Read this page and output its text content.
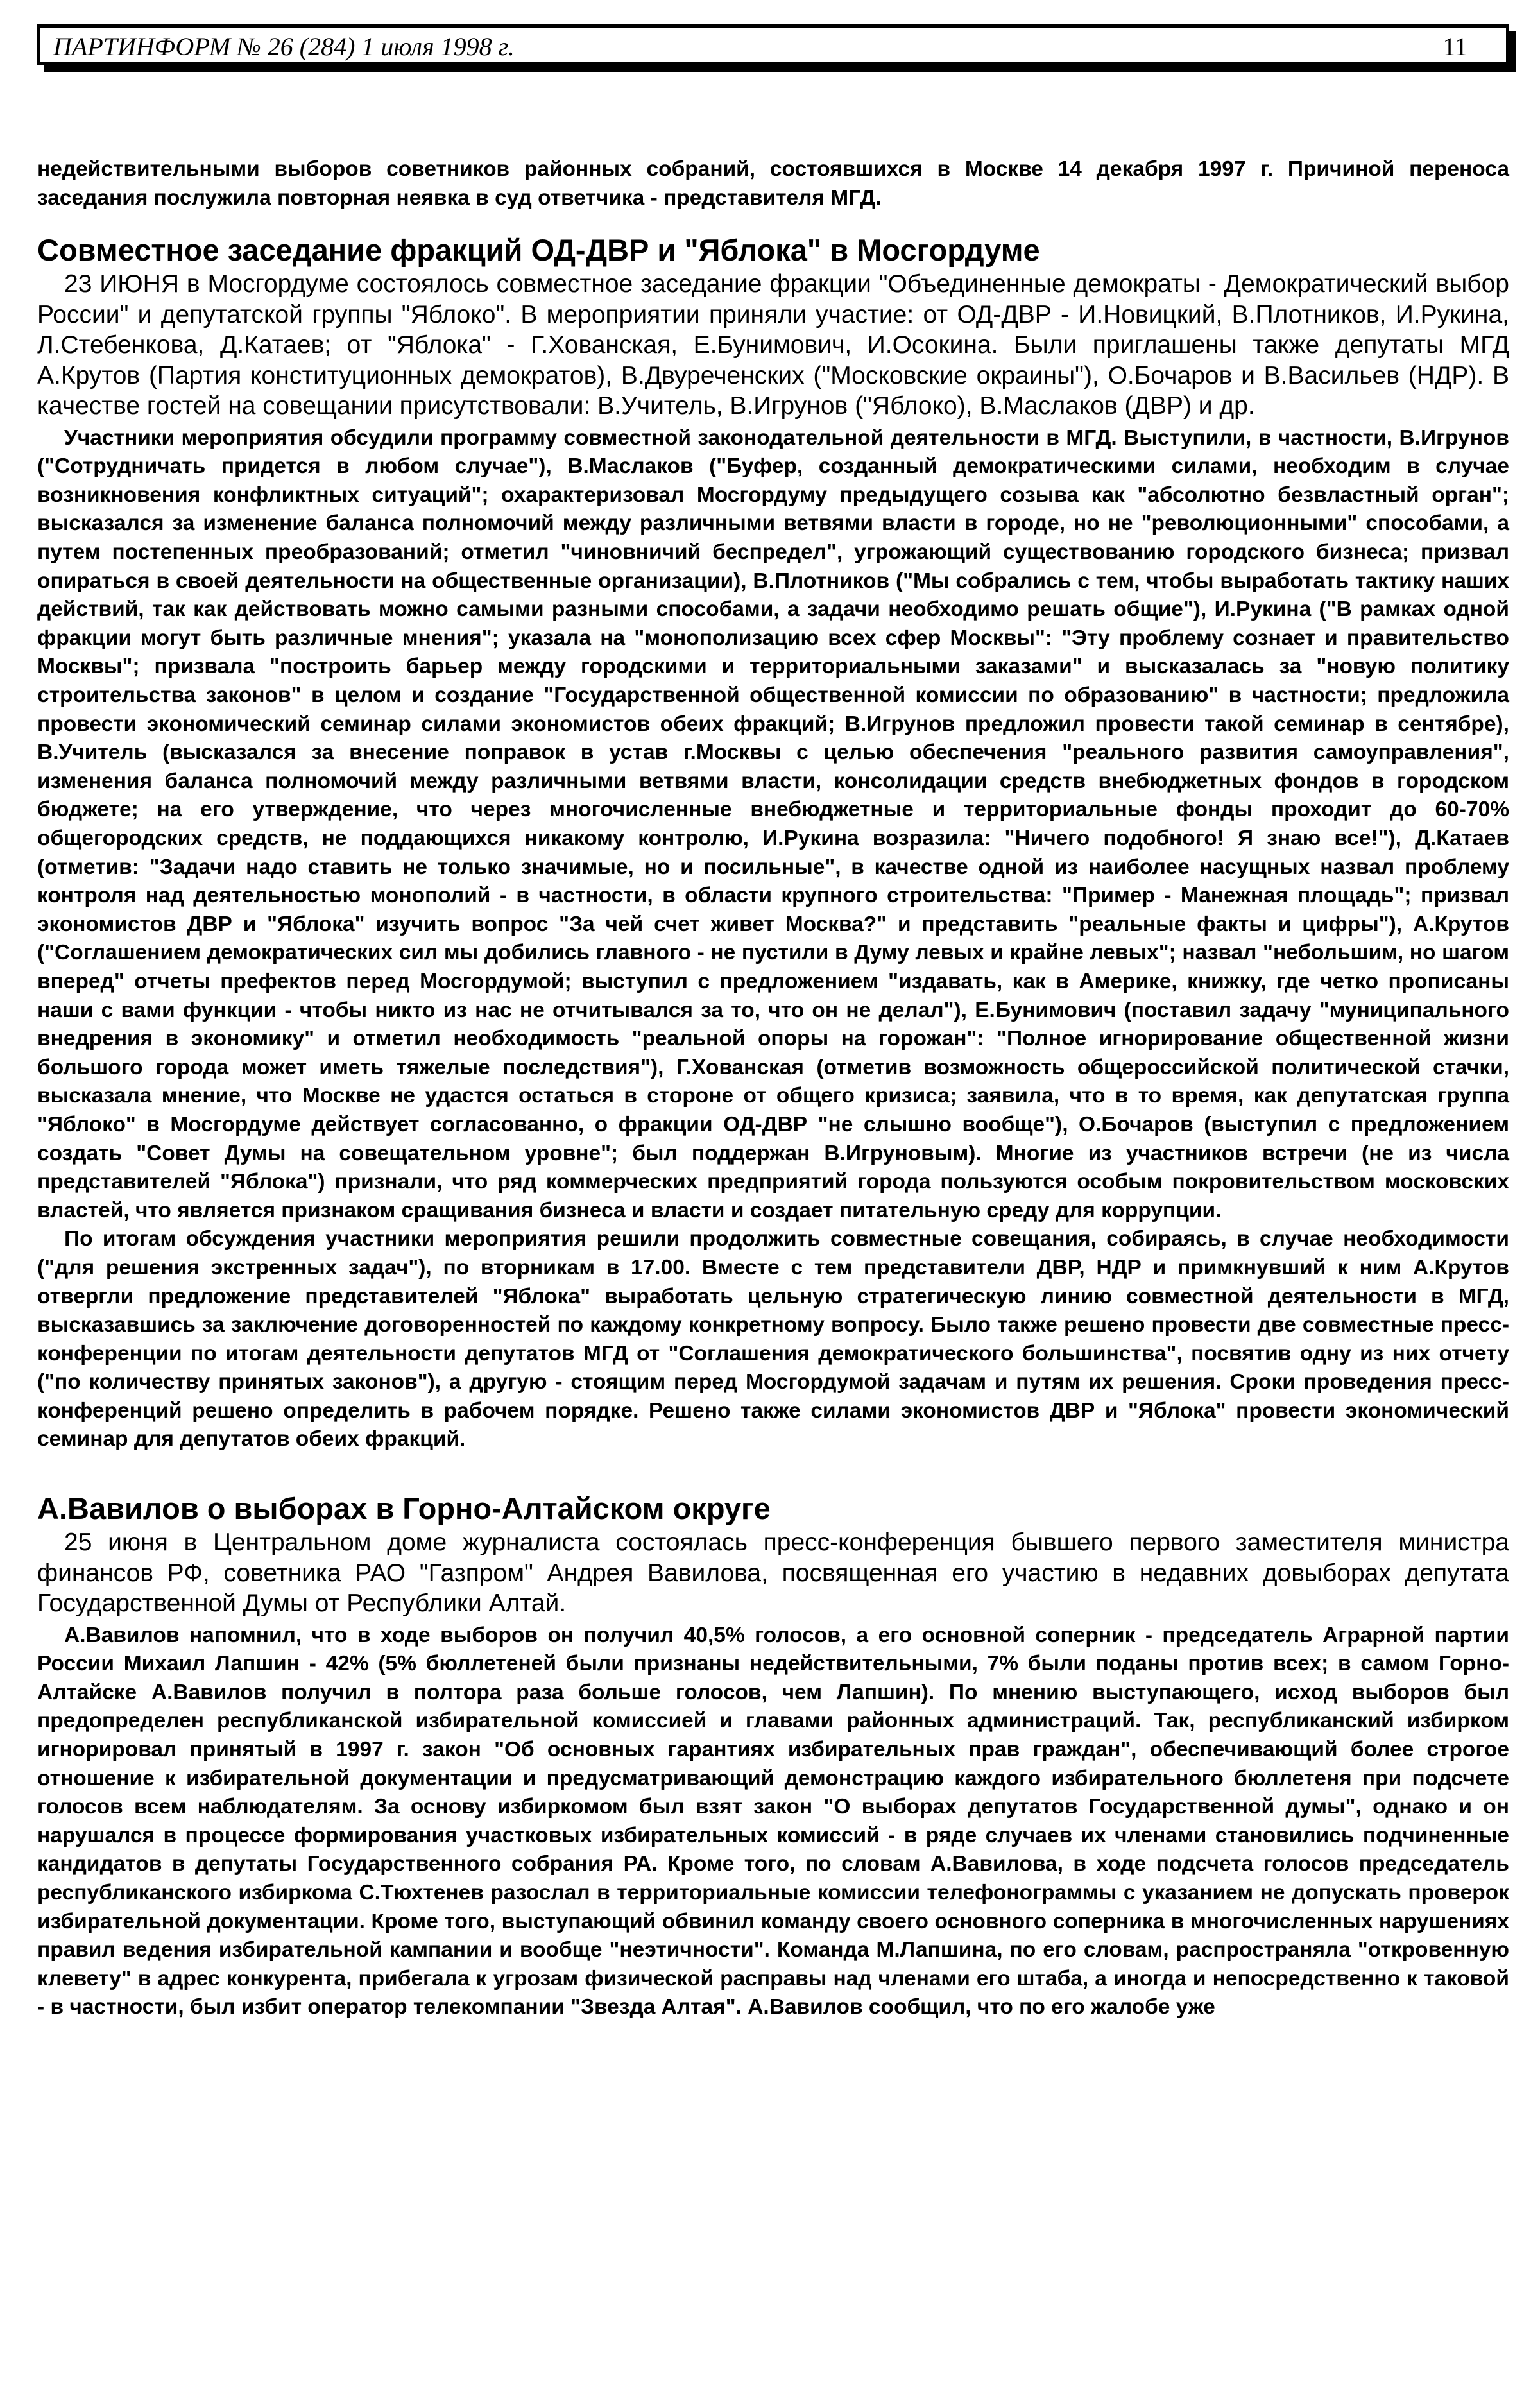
ПАРТИНФОРМ № 26 (284) 1 июля 1998 г.	11

недействительными выборов советников районных собраний, состоявшихся в Москве 14 декабря 1997 г. Причиной переноса заседания послужила повторная неявка в суд ответчика - представителя МГД.

Совместное заседание фракций ОД-ДВР и "Яблока" в Мосгордуме

23 ИЮНЯ в Мосгордуме состоялось совместное заседание фракции "Объединенные демократы - Демократический выбор России" и депутатской группы "Яблоко". В мероприятии приняли участие: от ОД-ДВР - И.Новицкий, В.Плотников, И.Рукина, Л.Стебенкова, Д.Катаев; от "Яблока" - Г.Хованская, Е.Бунимович, И.Осокина. Были приглашены также депутаты МГД А.Крутов (Партия конституционных демократов), В.Двуреченских ("Московские окраины"), О.Бочаров и В.Васильев (НДР). В качестве гостей на совещании присутствовали: В.Учитель, В.Игрунов ("Яблоко), В.Маслаков (ДВР) и др.

Участники мероприятия обсудили программу совместной законодательной деятельности в МГД. Выступили, в частности, В.Игрунов ("Сотрудничать придется в любом случае"), В.Маслаков ("Буфер, созданный демократическими силами, необходим в случае возникновения конфликтных ситуаций"; охарактеризовал Мосгордуму предыдущего созыва как "абсолютно безвластный орган"; высказался за изменение баланса полномочий между различными ветвями власти в городе, но не "революционными" способами, а путем постепенных преобразований; отметил "чиновничий беспредел", угрожающий существованию городского бизнеса; призвал опираться в своей деятельности на общественные организации), В.Плотников ("Мы собрались с тем, чтобы выработать тактику наших действий, так как действовать можно самыми разными способами, а задачи необходимо решать общие"), И.Рукина ("В рамках одной фракции могут быть различные мнения"; указала на "монополизацию всех сфер Москвы": "Эту проблему сознает и правительство Москвы"; призвала "построить барьер между городскими и территориальными заказами" и высказалась за "новую политику строительства законов" в целом и создание "Государственной общественной комиссии по образованию" в частности; предложила провести экономический семинар силами экономистов обеих фракций; В.Игрунов предложил провести такой семинар в сентябре), В.Учитель (высказался за внесение поправок в устав г.Москвы с целью обеспечения "реального развития самоуправления", изменения баланса полномочий между различными ветвями власти, консолидации средств внебюджетных фондов в городском бюджете; на его утверждение, что через многочисленные внебюджетные и территориальные фонды проходит до 60-70% общегородских средств, не поддающихся никакому контролю, И.Рукина возразила: "Ничего подобного! Я знаю все!"), Д.Катаев (отметив: "Задачи надо ставить не только значимые, но и посильные", в качестве одной из наиболее насущных назвал проблему контроля над деятельностью монополий - в частности, в области крупного строительства: "Пример - Манежная площадь"; призвал экономистов ДВР и "Яблока" изучить вопрос "За чей счет живет Москва?" и представить "реальные факты и цифры"), А.Крутов ("Соглашением демократических сил мы добились главного - не пустили в Думу левых и крайне левых"; назвал "небольшим, но шагом вперед" отчеты префектов перед Мосгордумой; выступил с предложением "издавать, как в Америке, книжку, где четко прописаны наши с вами функции - чтобы никто из нас не отчитывался за то, что он не делал"), Е.Бунимович (поставил задачу "муниципального внедрения в экономику" и отметил необходимость "реальной опоры на горожан": "Полное игнорирование общественной жизни большого города может иметь тяжелые последствия"), Г.Хованская (отметив возможность общероссийской политической стачки, высказала мнение, что Москве не удастся остаться в стороне от общего кризиса; заявила, что в то время, как депутатская группа "Яблоко" в Мосгордуме действует согласованно, о фракции ОД-ДВР "не слышно вообще"), О.Бочаров (выступил с предложением создать "Совет Думы на совещательном уровне"; был поддержан В.Игруновым). Многие из участников встречи (не из числа представителей "Яблока") признали, что ряд коммерческих предприятий города пользуются особым покровительством московских властей, что является признаком сращивания бизнеса и власти и создает питательную среду для коррупции.

По итогам обсуждения участники мероприятия решили продолжить совместные совещания, собираясь, в случае необходимости ("для решения экстренных задач"), по вторникам в 17.00. Вместе с тем представители ДВР, НДР и примкнувший к ним А.Крутов отвергли предложение представителей "Яблока" выработать цельную стратегическую линию совместной деятельности в МГД, высказавшись за заключение договоренностей по каждому конкретному вопросу. Было также решено провести две совместные пресс-конференции по итогам деятельности депутатов МГД от "Соглашения демократического большинства", посвятив одну из них отчету ("по количеству принятых законов"), а другую - стоящим перед Мосгордумой задачам и путям их решения. Сроки проведения пресс-конференций решено определить в рабочем порядке. Решено также силами экономистов ДВР и "Яблока" провести экономический семинар для депутатов обеих фракций.

А.Вавилов о выборах в Горно-Алтайском округе

25 июня в Центральном доме журналиста состоялась пресс-конференция бывшего первого заместителя министра финансов РФ, советника РАО "Газпром" Андрея Вавилова, посвященная его участию в недавних довыборах депутата Государственной Думы от Республики Алтай.

А.Вавилов напомнил, что в ходе выборов он получил 40,5% голосов, а его основной соперник - председатель Аграрной партии России Михаил Лапшин - 42% (5% бюллетеней были признаны недействительными, 7% были поданы против всех; в самом Горно-Алтайске А.Вавилов получил в полтора раза больше голосов, чем Лапшин). По мнению выступающего, исход выборов был предопределен республиканской избирательной комиссией и главами районных администраций. Так, республиканский избирком игнорировал принятый в 1997 г. закон "Об основных гарантиях избирательных прав граждан", обеспечивающий более строгое отношение к избирательной документации и предусматривающий демонстрацию каждого избирательного бюллетеня при подсчете голосов всем наблюдателям. За основу избиркомом был взят закон "О выборах депутатов Государственной думы", однако и он нарушался в процессе формирования участковых избирательных комиссий - в ряде случаев их членами становились подчиненные кандидатов в депутаты Государственного собрания РА. Кроме того, по словам А.Вавилова, в ходе подсчета голосов председатель республиканского избиркома С.Тюхтенев разослал в территориальные комиссии телефонограммы с указанием не допускать проверок избирательной документации. Кроме того, выступающий обвинил команду своего основного соперника в многочисленных нарушениях правил ведения избирательной кампании и вообще "неэтичности". Команда М.Лапшина, по его словам, распространяла "откровенную клевету" в адрес конкурента, прибегала к угрозам физической расправы над членами его штаба, а иногда и непосредственно к таковой - в частности, был избит оператор телекомпании "Звезда Алтая". А.Вавилов сообщил, что по его жалобе уже
